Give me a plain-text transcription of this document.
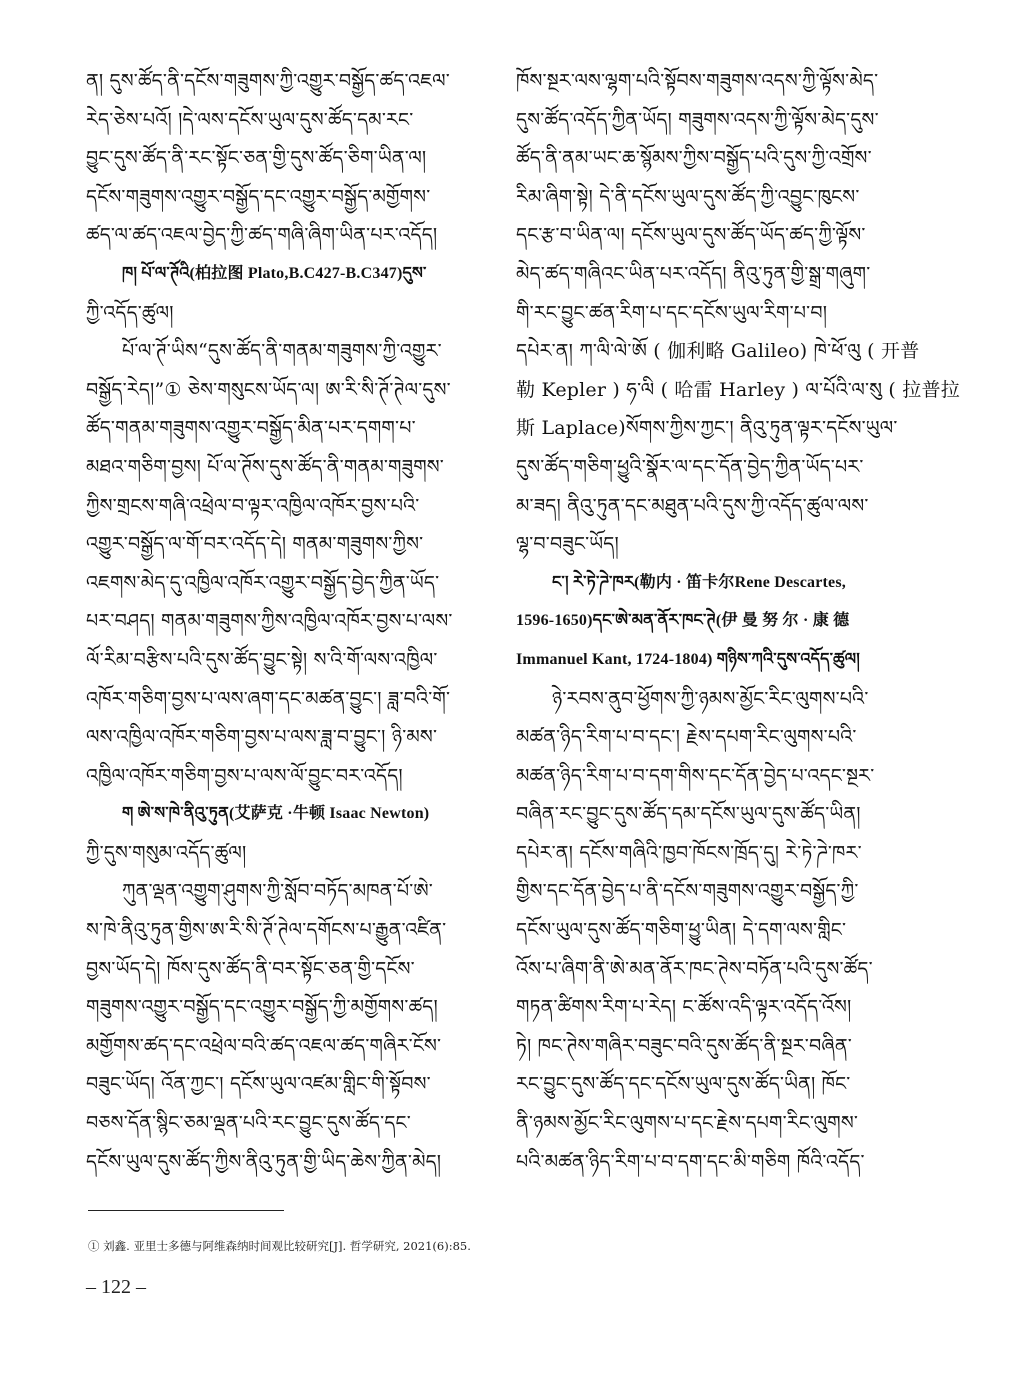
ན། དུས་ཚོད་ནི་དངོས་གཟུགས་ཀྱི་འགྱུར་བསྒྱོད་ཚད་འཇལ་
རེད་ཅེས་པའོ། །དེ་ལས་དངོས་ཡུལ་དུས་ཚོད་དམ་རང་
བྱུང་དུས་ཚོད་ནི་རང་སྟོང་ཅན་གྱི་དུས་ཚོད་ཅིག་ཡིན་ལ།
དངོས་གཟུགས་འགྱུར་བསྒྱོད་དང་འགྱུར་བསྒྱོད་མགྱོགས་
ཚད་ལ་ཚད་འཇལ་བྱེད་ཀྱི་ཚད་གཞི་ཞིག་ཡིན་པར་འདོད།
ཁ། པོ་ལ་ཊོའི(柏拉图 Plato,B.C427-B.C347)དུས་
ཀྱི་འདོད་ཚུལ།
པོ་ལ་ཊོ་ཡིས“དུས་ཚོད་ནི་གནམ་གཟུགས་ཀྱི་འགྱུར་
བསྒྱོད་རེད།”① ཅེས་གསུངས་ཡོད་ལ། ཨ་རི་སི་ཊོ་ཊེལ་དུས་
ཚོད་གནམ་གཟུགས་འགྱུར་བསྒྱོད་མིན་པར་དགག་པ་
མཐའ་གཅིག་བྱས། པོ་ལ་ཊོས་དུས་ཚོད་ནི་གནམ་གཟུགས་
ཀྱིས་གྲངས་གཞི་འཕྲེལ་བ་ལྟར་འཁྱིལ་འཁོར་བྱས་པའི་
འགྱུར་བསྒྱོད་ལ་གོ་བར་འདོད་དེ། གནམ་གཟུགས་ཀྱིས་
འཇགས་མེད་དུ་འཁྱིལ་འཁོར་འགྱུར་བསྒྱོད་བྱེད་ཀྱིན་ཡོད་
པར་བཤད། གནམ་གཟུགས་ཀྱིས་འཁྱིལ་འཁོར་བྱས་པ་ལས་
ལོ་རིམ་བརྩིས་པའི་དུས་ཚོད་བྱུང་སྟེ། ས་འི་གོ་ལས་འཁྱིལ་
འཁོར་གཅིག་བྱས་པ་ལས་ཞག་དང་མཚན་བྱུང་། ཟླ་བའི་གོ་
ལས་འཁྱིལ་འཁོར་གཅིག་བྱས་པ་ལས་ཟླ་བ་བྱུང་། ཉི་མས་
འཁྱིལ་འཁོར་གཅིག་བྱས་པ་ལས་ལོ་བྱུང་བར་འདོད།
ག ཨེ་ས་ཁེ་ནིའུ་ཏུན(艾萨克 ·牛顿 Isaac Newton)
ཀྱི་དུས་གསུམ་འདོད་ཚུལ།
ཀུན་ལྡན་འགྱུག་ཤུགས་ཀྱི་སློབ་བཏོད་མཁན་པོ་ཨེ་
ས་ཁེ་ནིའུ་ཏུན་གྱིས་ཨ་རི་སི་ཊོ་ཊེལ་དགོངས་པ་རྒྱུན་འཛིན་
བྱས་ཡོད་དེ། ཁོས་དུས་ཚོད་ནི་བར་སྟོང་ཅན་གྱི་དངོས་
གཟུགས་འགྱུར་བསྒྱོད་དང་འགྱུར་བསྒྱོད་ཀྱི་མགྱོགས་ཚད།
མགྱོགས་ཚད་དང་འཕྲེལ་བའི་ཚད་འཇལ་ཚད་གཞིར་ངོས་
བཟུང་ཡོད། འོན་ཀྱང་། དངོས་ཡུལ་འཛམ་གླིང་གི་སྟོབས་
བཅས་དོན་སྙིང་ཅམ་ལྡན་པའི་རང་བྱུང་དུས་ཚོད་དང་
དངོས་ཡུལ་དུས་ཚོད་ཀྱིས་ནིའུ་ཏུན་གྱི་ཡིད་ཆེས་ཀྱིན་མེད།
ཁོས་སྔར་ལས་ལྷག་པའི་སྟོབས་གཟུགས་འདས་ཀྱི་ལྟོས་མེད་
དུས་ཚོད་འདོད་ཀྱིན་ཡོད། གཟུགས་འདས་ཀྱི་ལྟོས་མེད་དུས་
ཚོད་ནི་ནམ་ཡང་ཆ་སྙོམས་ཀྱིས་བསྒྱོད་པའི་དུས་ཀྱི་འགྲོས་
རིམ་ཞིག་སྟེ། དེ་ནི་དངོས་ཡུལ་དུས་ཚོད་ཀྱི་འབྱུང་ཁུངས་
དང་རྩ་བ་ཡིན་ལ། དངོས་ཡུལ་དུས་ཚོད་ཡོད་ཚད་ཀྱི་ལྟོས་
མེད་ཚད་གཞིའང་ཡིན་པར་འདོད། ནིའུ་ཏུན་གྱི་སྒྲ་གཞུག་
གི་རང་བྱུང་ཚན་རིག་པ་དང་དངོས་ཡུལ་རིག་པ་བ།
དཔེར་ན། ཀ་ལི་ལེ་ཨོ ( 伽利略 Galileo) ཁེ་ཕོ་ལུ ( 开普
勒 Kepler ) ཧ་ལི ( 哈雷 Harley ) ལ་པོའི་ལ་སུ ( 拉普拉
斯 Laplace)སོགས་ཀྱིས་ཀྱང་། ནིའུ་ཏུན་ལྟར་དངོས་ཡུལ་
དུས་ཚོད་གཅིག་ཕྱུའི་སྣོར་ལ་དང་དོན་བྱེད་ཀྱིན་ཡོད་པར་
མ་ཟད། ནིའུ་ཏུན་དང་མཐུན་པའི་དུས་ཀྱི་འདོད་ཚུལ་ལས་
ལྷ་བ་བཟུང་ཡོད།
ང་། རེ་ཏེ་ཌེ་ཁར(勒内 · 笛卡尔Rene Descartes,
1596-1650)དང་ཨེ་མན་ནོར་ཁང་ཊེ(伊 曼 努 尔 · 康 德
Immanuel Kant, 1724-1804) གཉིས་ཀའི་དུས་འདོད་ཚུལ།
ཉེ་རབས་ནུབ་ཕྱོགས་ཀྱི་ཉམས་མྱོང་རིང་ལུགས་པའི་
མཚན་ཉིད་རིག་པ་བ་དང་། རྗེས་དཔག་རིང་ལུགས་པའི་
མཚན་ཉིད་རིག་པ་བ་དག་གིས་དང་དོན་བྱེད་པ་འདང་སྔར་
བཞིན་རང་བྱུང་དུས་ཚོད་དམ་དངོས་ཡུལ་དུས་ཚོད་ཡིན།
དཔེར་ན། དངོས་གཞིའི་ཁྱབ་ཁོངས་ཁྲོད་དུ། རེ་ཏེ་ཌེ་ཁར་
གྱིས་དང་དོན་བྱེད་པ་ནི་དངོས་གཟུགས་འགྱུར་བསྒྱོད་ཀྱི་
དངོས་ཡུལ་དུས་ཚོད་གཅིག་ཕྱུ་ཡིན། དེ་དག་ལས་གླིང་
འོས་པ་ཞིག་ནི་ཨེ་མན་ནོར་ཁང་ཊེས་བཏོན་པའི་དུས་ཚོད་
གཏན་ཚིགས་རིག་པ་རེད། ང་ཚོས་འདི་ལྟར་འདོད་འོས།
ཏེ། ཁང་ཊེས་གཞིར་བཟུང་བའི་དུས་ཚོད་ནི་སྔར་བཞིན་
རང་བྱུང་དུས་ཚོད་དང་དངོས་ཡུལ་དུས་ཚོད་ཡིན། ཁོང་
ནི་ཉམས་མྱོང་རིང་ལུགས་པ་དང་རྗེས་དཔག་རིང་ལུགས་
པའི་མཚན་ཉིད་རིག་པ་བ་དག་དང་མི་གཅིག ཁོའི་འདོད་
① 刘鑫. 亚里士多德与阿维森纳时间观比较研究[J]. 哲学研究, 2021(6):85.
– 122 –
